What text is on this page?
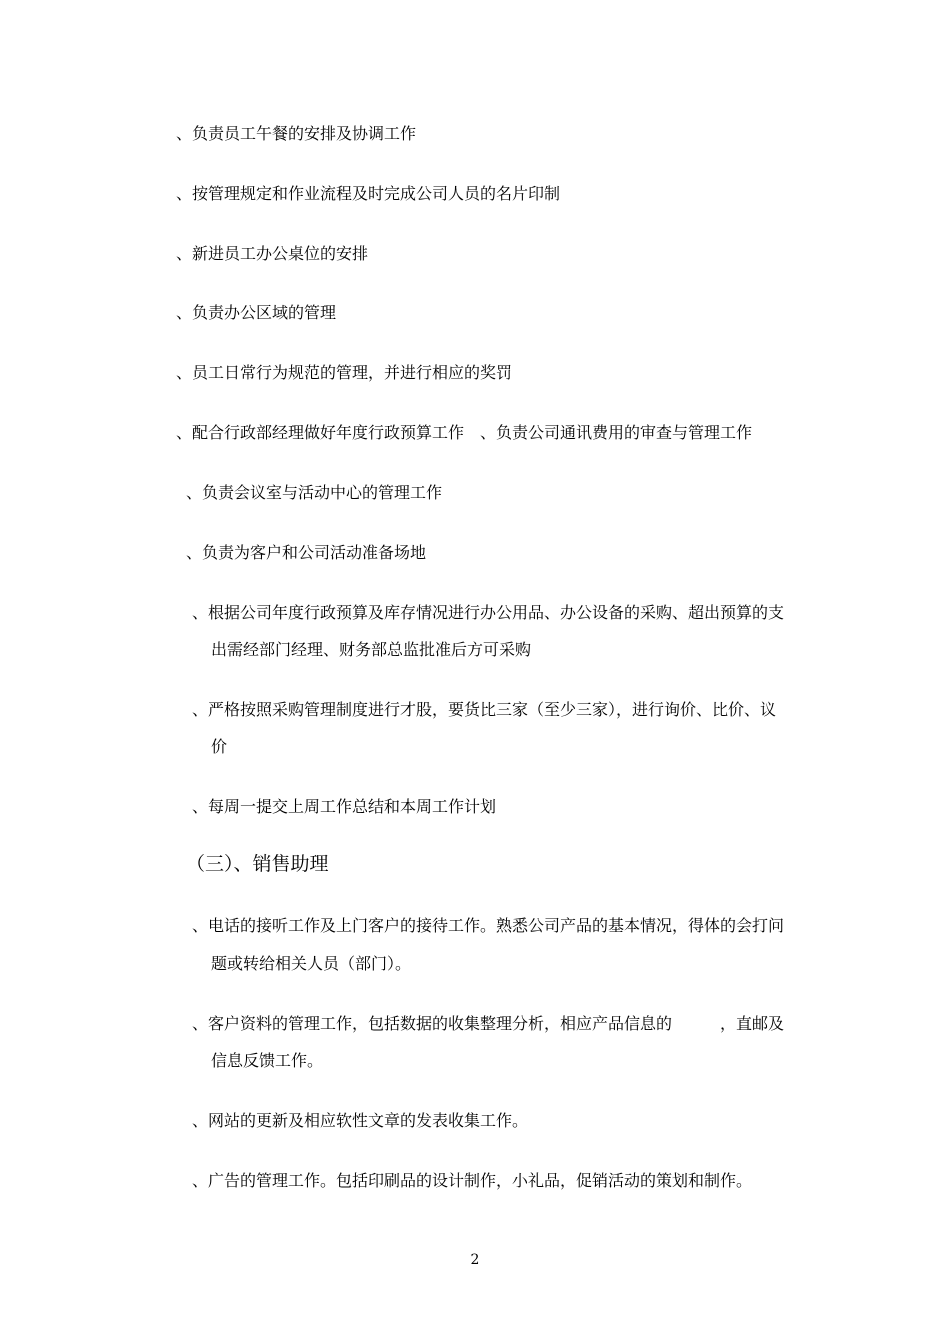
、负责员工午餐的安排及协调工作
、按管理规定和作业流程及时完成公司人员的名片印制
、新进员工办公桌位的安排
、负责办公区域的管理
、员工日常行为规范的管理，并进行相应的奖罚
、配合行政部经理做好年度行政预算工作　、负责公司通讯费用的审查与管理工作
、负责会议室与活动中心的管理工作
、负责为客户和公司活动准备场地
、根据公司年度行政预算及库存情况进行办公用品、办公设备的采购、超出预算的支
出需经部门经理、财务部总监批准后方可采购
、严格按照采购管理制度进行才股，要货比三家（至少三家），进行询价、比价、议
价
、每周一提交上周工作总结和本周工作计划
（三）、销售助理
、电话的接听工作及上门客户的接待工作。熟悉公司产品的基本情况，得体的会打问
题或转给相关人员（部门）。
、客户资料的管理工作，包括数据的收集整理分析，相应产品信息的　　　，直邮及
信息反馈工作。
、网站的更新及相应软性文章的发表收集工作。
、广告的管理工作。包括印刷品的设计制作，小礼品，促销活动的策划和制作。
2
